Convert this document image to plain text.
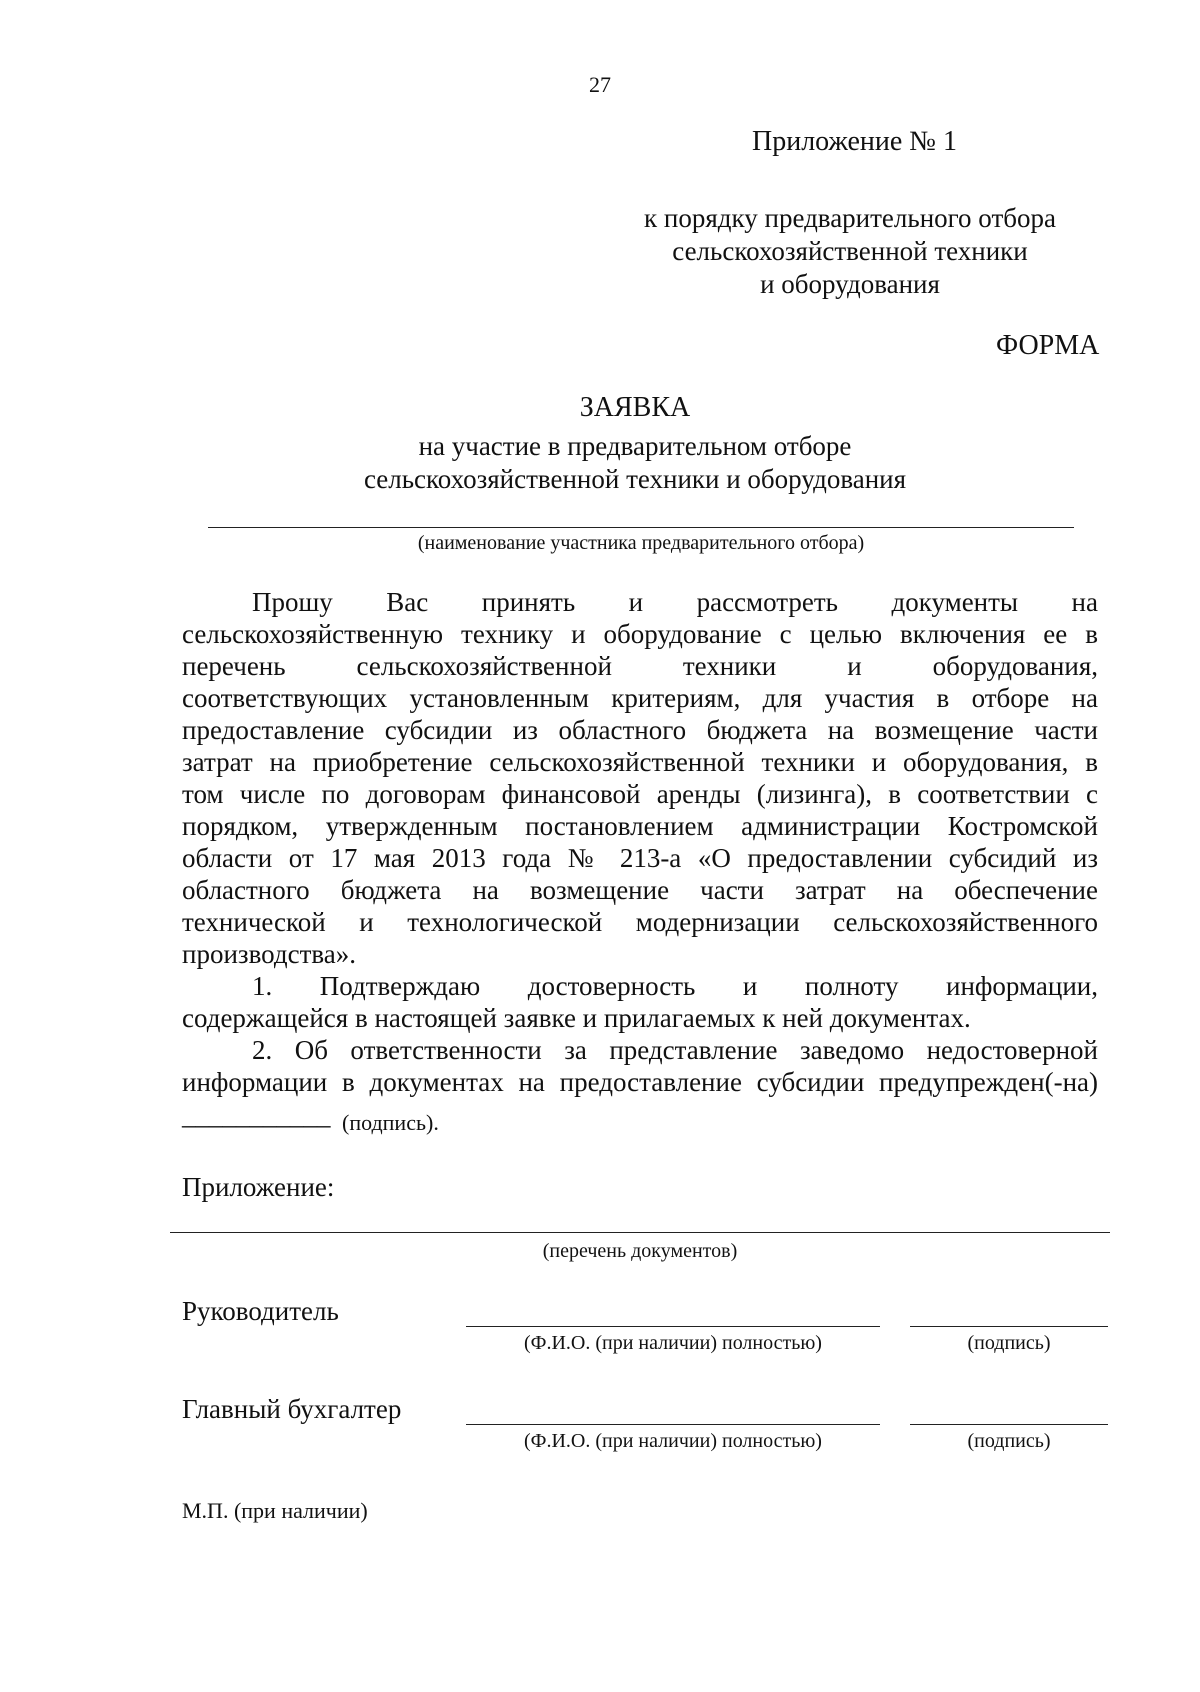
27
Приложение № 1
к порядку предварительного отбора
сельскохозяйственной техники
и оборудования
ФОРМА
ЗАЯВКА
на участие в предварительном отборе
сельскохозяйственной техники и оборудования
(наименование участника предварительного отбора)
Прошу Вас принять и рассмотреть документы на
сельскохозяйственную технику и оборудование с целью включения ее в
перечень сельскохозяйственной техники и оборудования,
соответствующих установленным критериям, для участия в отборе на
предоставление субсидии из областного бюджета на возмещение части
затрат на приобретение сельскохозяйственной техники и оборудования, в
том числе по договорам финансовой аренды (лизинга), в соответствии с
порядком, утвержденным постановлением администрации Костромской
области от 17 мая 2013 года № 213-а «О предоставлении субсидий из
областного бюджета на возмещение части затрат на обеспечение
технической и технологической модернизации сельскохозяйственного
производства».
1. Подтверждаю достоверность и полноту информации,
содержащейся в настоящей заявке и прилагаемых к ней документах.
2. Об ответственности за представление заведомо недостоверной
информации в документах на предоставление субсидии предупрежден(-на)
___________ (подпись).
Приложение:
(перечень документов)
Руководитель
(Ф.И.О. (при наличии) полностью)	(подпись)
Главный бухгалтер
(Ф.И.О. (при наличии) полностью)	(подпись)
М.П. (при наличии)
